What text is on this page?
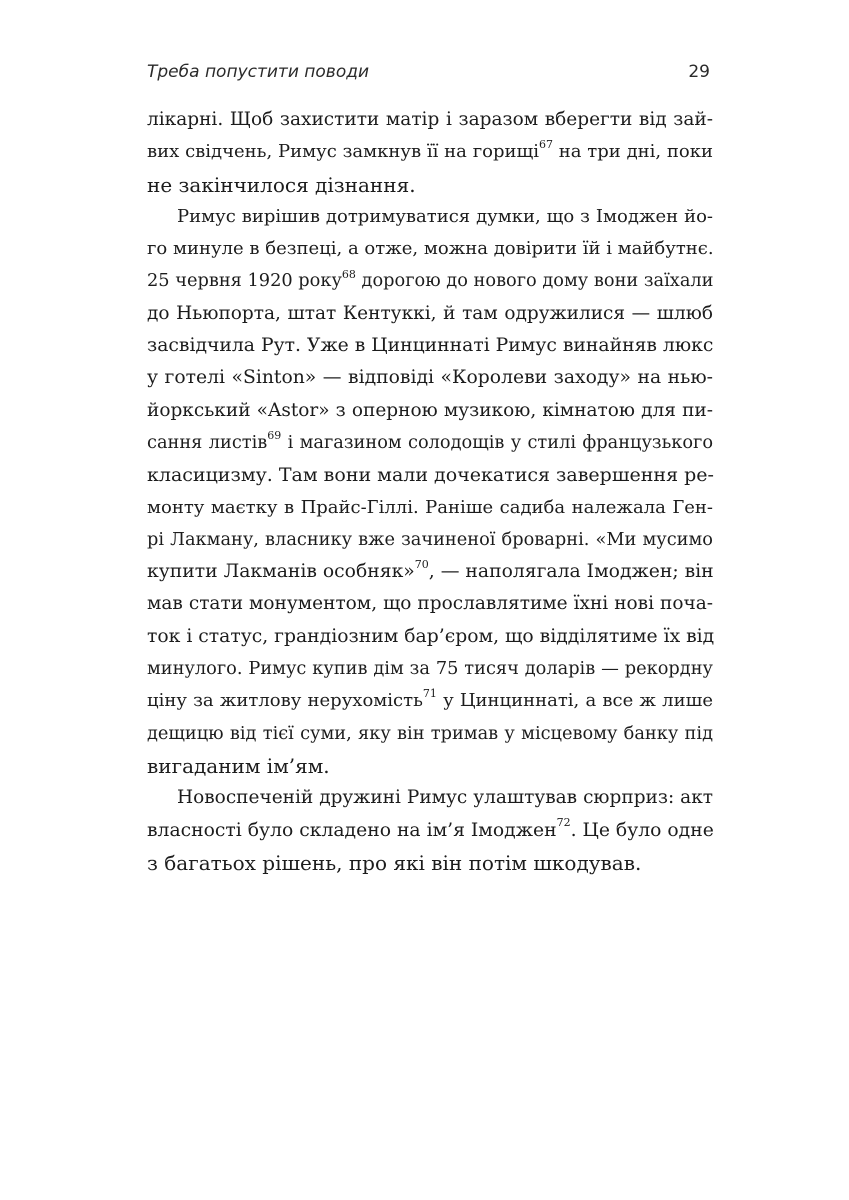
Треба попустити поводи	29
лікарні. Щоб захистити матір і заразом вберегти від зай-
вих свідчень, Римус замкнув її на горищі$^{67}$ на три дні, поки
не закінчилося дізнання.
Римус вирішив дотримуватися думки, що з Імоджен йо-
го минуле в безпеці, а отже, можна довірити їй і майбутнє.
25 червня 1920 року$^{68}$ дорогою до нового дому вони заїхали
до Ньюпорта, штат Кентуккі, й там одружилися — шлюб
засвідчила Рут. Уже в Цинциннаті Римус винайняв люкс
у готелі «Sinton» — відповіді «Королеви заходу» на нью-
йоркський «Astor» з оперною музикою, кімнатою для пи-
сання листів$^{69}$ і магазином солодощів у стилі французького
класицизму. Там вони мали дочекатися завершення ре-
монту маєтку в Прайс-Гіллі. Раніше садиба належала Ген-
рі Лакману, власнику вже зачиненої броварні. «Ми мусимо
купити Лакманів особняк»$^{70}$, — наполягала Імоджен; він
мав стати монументом, що прославлятиме їхні нові поча-
ток і статус, грандіозним бар’єром, що відділятиме їх від
минулого. Римус купив дім за 75 тисяч доларів — рекордну
ціну за житлову нерухомість$^{71}$ у Цинциннаті, а все ж лише
дещицю від тієї суми, яку він тримав у місцевому банку під
вигаданим ім’ям.
Новоспеченій дружині Римус улаштував сюрприз: акт
власності було складено на ім’я Імоджен$^{72}$. Це було одне
з багатьох рішень, про які він потім шкодував.
